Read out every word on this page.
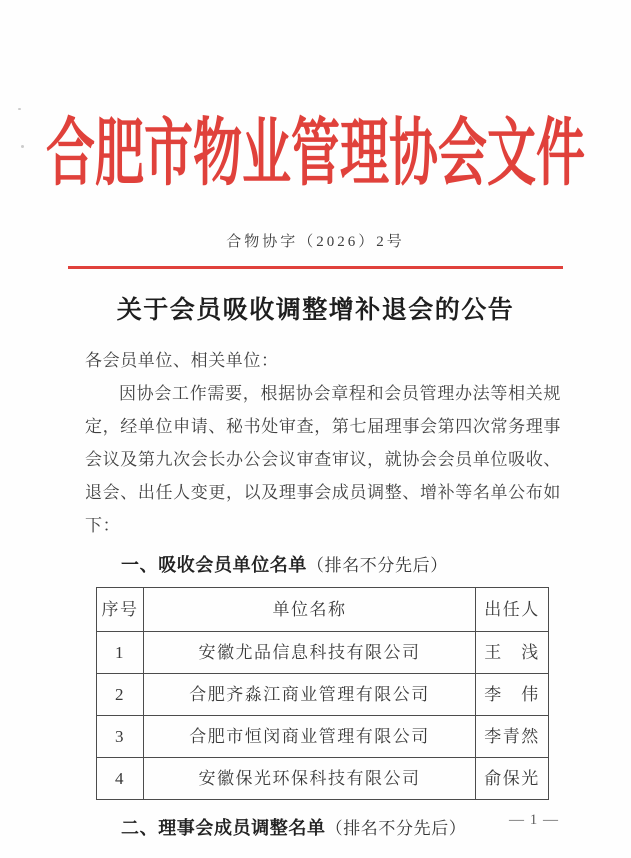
合肥市物业管理协会文件
合物协字（2026）2号
关于会员吸收调整增补退会的公告
各会员单位、相关单位：

因协会工作需要，根据协会章程和会员管理办法等相关规定，经单位申请、秘书处审查，第七届理事会第四次常务理事会议及第九次会长办公会议审查审议，就协会会员单位吸收、退会、出任人变更，以及理事会成员调整、增补等名单公布如下：

一、吸收会员单位名单（排名不分先后）
序号	单位名称	出任人
1	安徽尤品信息科技有限公司	王　浅
2	合肥齐淼江商业管理有限公司	李　伟
3	合肥市恒闵商业管理有限公司	李青然
4	安徽保光环保科技有限公司	俞保光
二、理事会成员调整名单（排名不分先后）	— 1 —
